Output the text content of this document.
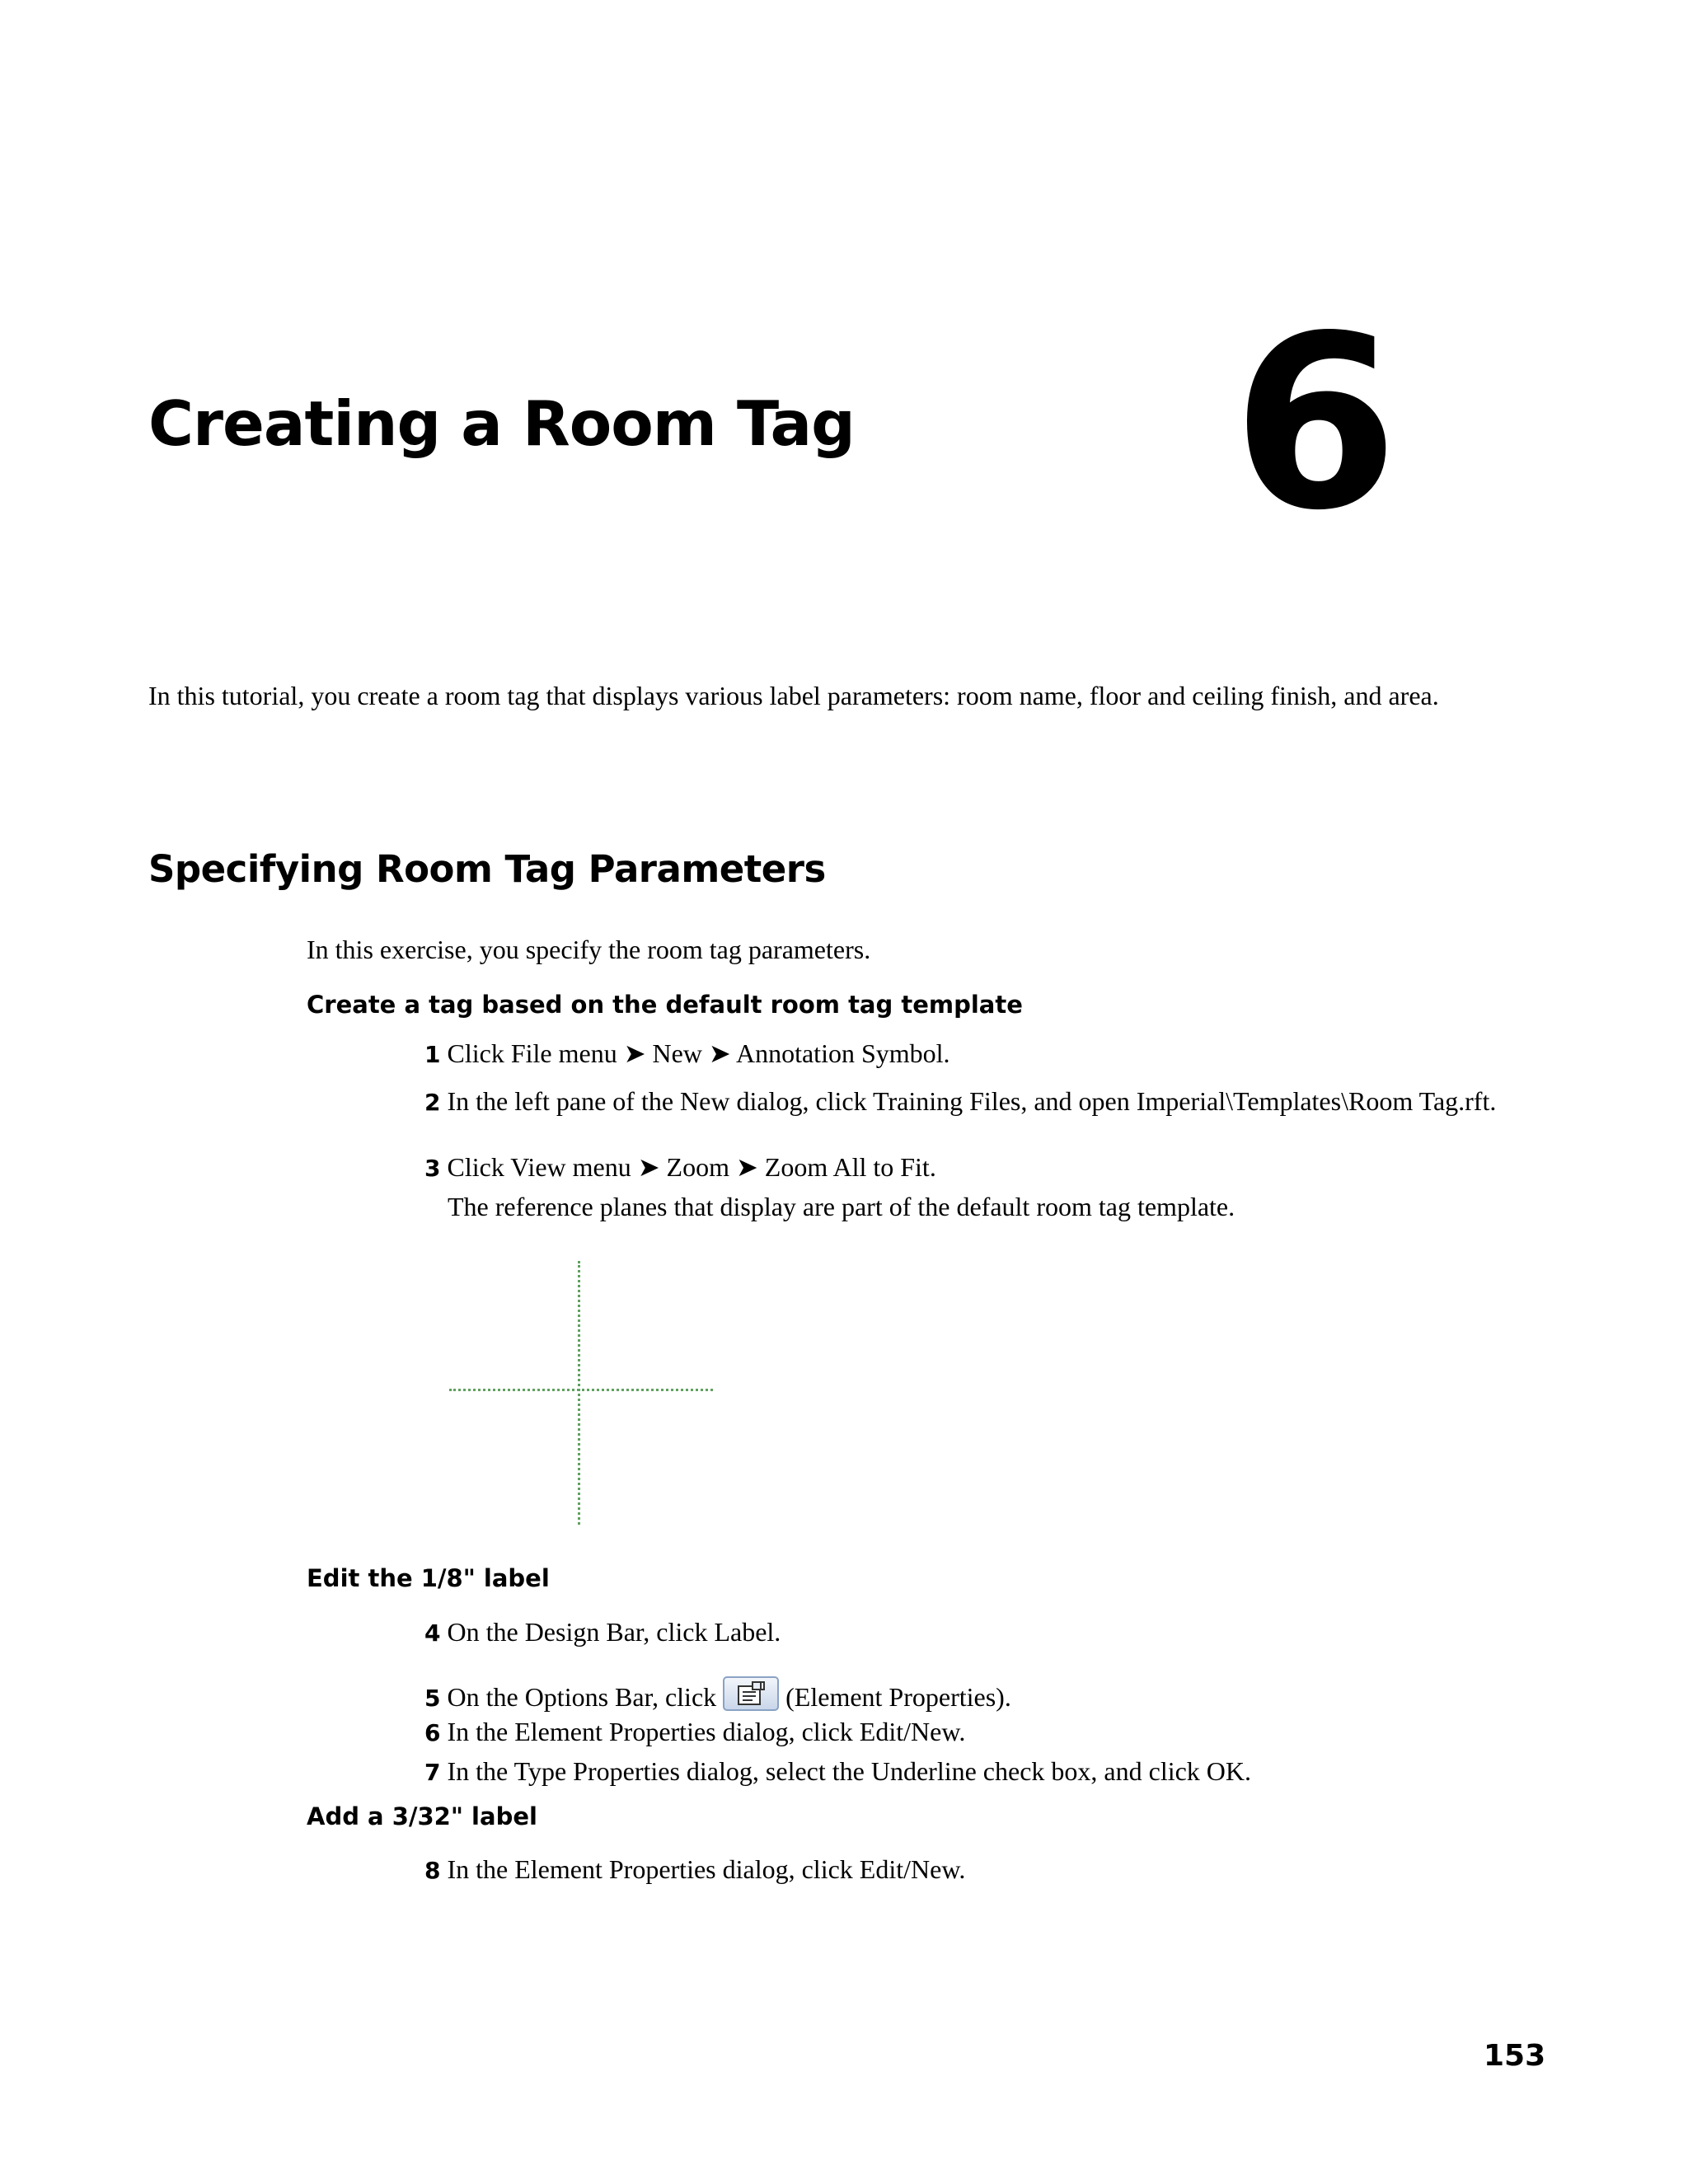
Creating a Room Tag 6
In this tutorial, you create a room tag that displays various label parameters: room name, floor and ceiling finish, and area.
Specifying Room Tag Parameters
In this exercise, you specify the room tag parameters.
Create a tag based on the default room tag template
1 Click File menu ➤ New ➤ Annotation Symbol.
2 In the left pane of the New dialog, click Training Files, and open Imperial\Templates\Room Tag.rft.
3 Click View menu ➤ Zoom ➤ Zoom All to Fit.
The reference planes that display are part of the default room tag template.
Edit the 1/8" label
4 On the Design Bar, click Label.
5 On the Options Bar, click	(Element Properties).
6 In the Element Properties dialog, click Edit/New.
7 In the Type Properties dialog, select the Underline check box, and click OK.
Add a 3/32" label
8 In the Element Properties dialog, click Edit/New.
153
